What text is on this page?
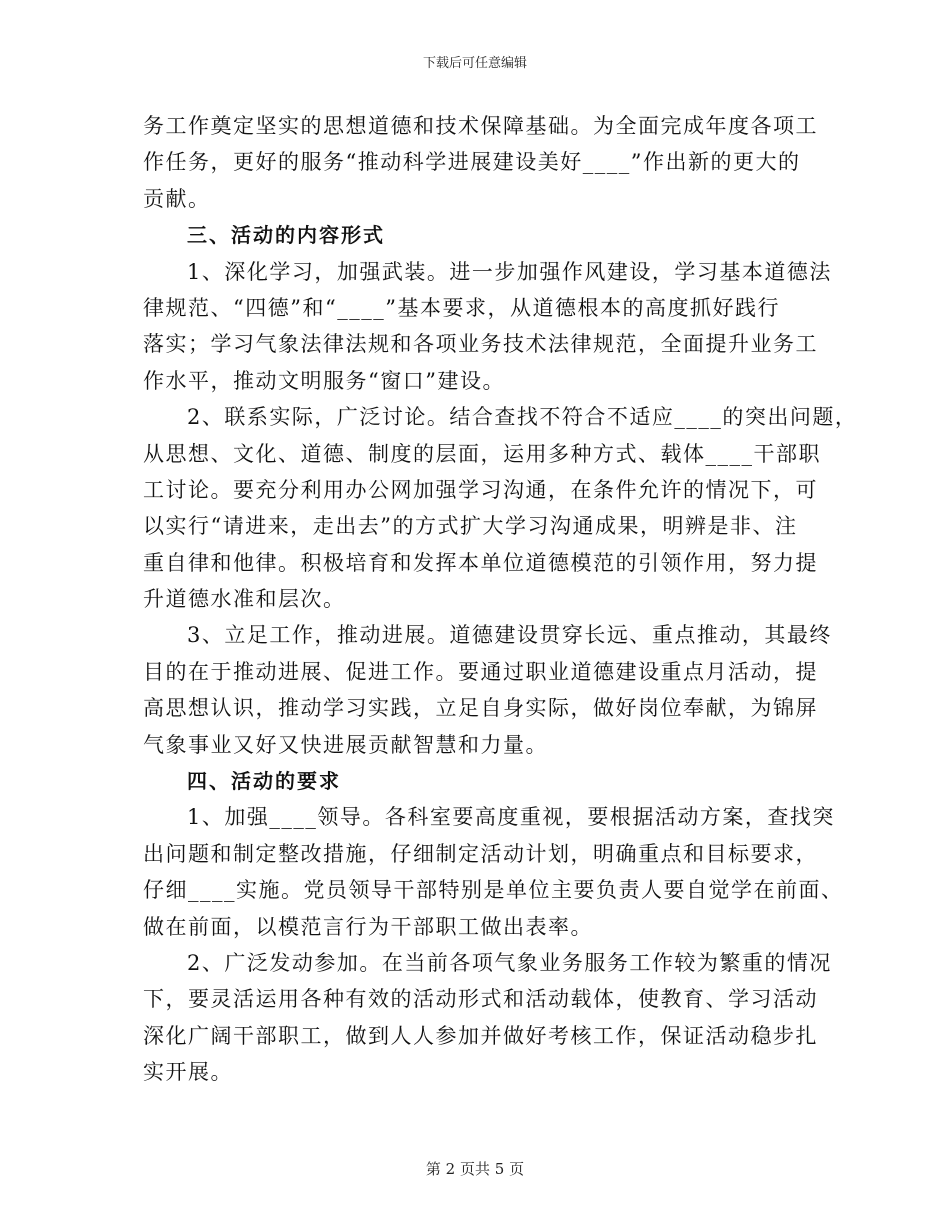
下载后可任意编辑
务工作奠定坚实的思想道德和技术保障基础。为全面完成年度各项工
作任务，更好的服务“推动科学进展建设美好____”作出新的更大的
贡献。
三、活动的内容形式
1、深化学习，加强武装。进一步加强作风建设，学习基本道德法
律规范、“四德”和“____”基本要求，从道德根本的高度抓好践行
落实；学习气象法律法规和各项业务技术法律规范，全面提升业务工
作水平，推动文明服务“窗口”建设。
2、联系实际，广泛讨论。结合查找不符合不适应____的突出问题，
从思想、文化、道德、制度的层面，运用多种方式、载体____干部职
工讨论。要充分利用办公网加强学习沟通，在条件允许的情况下，可
以实行“请进来，走出去”的方式扩大学习沟通成果，明辨是非、注
重自律和他律。积极培育和发挥本单位道德模范的引领作用，努力提
升道德水准和层次。
3、立足工作，推动进展。道德建设贯穿长远、重点推动，其最终
目的在于推动进展、促进工作。要通过职业道德建设重点月活动，提
高思想认识，推动学习实践，立足自身实际，做好岗位奉献，为锦屏
气象事业又好又快进展贡献智慧和力量。
四、活动的要求
1、加强____领导。各科室要高度重视，要根据活动方案，查找突
出问题和制定整改措施，仔细制定活动计划，明确重点和目标要求，
仔细____实施。党员领导干部特别是单位主要负责人要自觉学在前面、
做在前面，以模范言行为干部职工做出表率。
2、广泛发动参加。在当前各项气象业务服务工作较为繁重的情况
下，要灵活运用各种有效的活动形式和活动载体，使教育、学习活动
深化广阔干部职工，做到人人参加并做好考核工作，保证活动稳步扎
实开展。
第 2 页共 5 页
